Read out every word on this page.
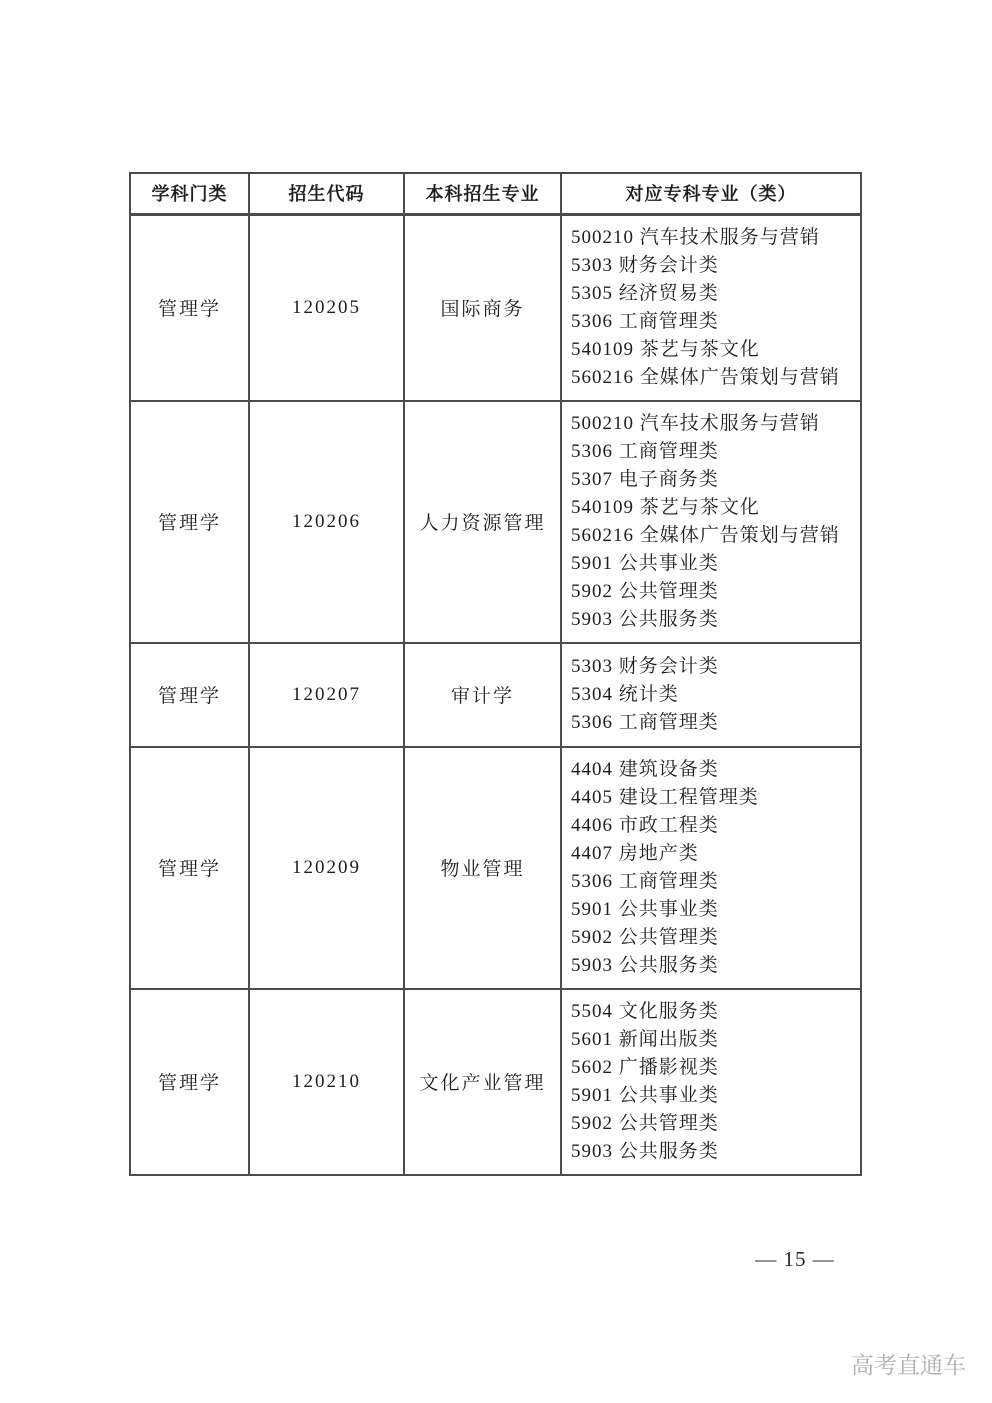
学科门类	招生代码	本科招生专业	对应专科专业（类）
管理学	120205	国际商务	
500210 汽车技术服务与营销
5303 财务会计类
5305 经济贸易类
5306 工商管理类
540109 茶艺与茶文化
560216 全媒体广告策划与营销

管理学	120206	人力资源管理	
500210 汽车技术服务与营销
5306 工商管理类
5307 电子商务类
540109 茶艺与茶文化
560216 全媒体广告策划与营销
5901 公共事业类
5902 公共管理类
5903 公共服务类

管理学	120207	审计学	5303 财务会计类
5304 统计类
5306 工商管理类

管理学	120209	物业管理	
4404 建筑设备类
4405 建设工程管理类
4406 市政工程类
4407 房地产类
5306 工商管理类
5901 公共事业类
5902 公共管理类
5903 公共服务类

管理学	120210	文化产业管理	
5504 文化服务类
5601 新闻出版类
5602 广播影视类
5901 公共事业类
5902 公共管理类
5903 公共服务类
— 15 —
高考直通车
